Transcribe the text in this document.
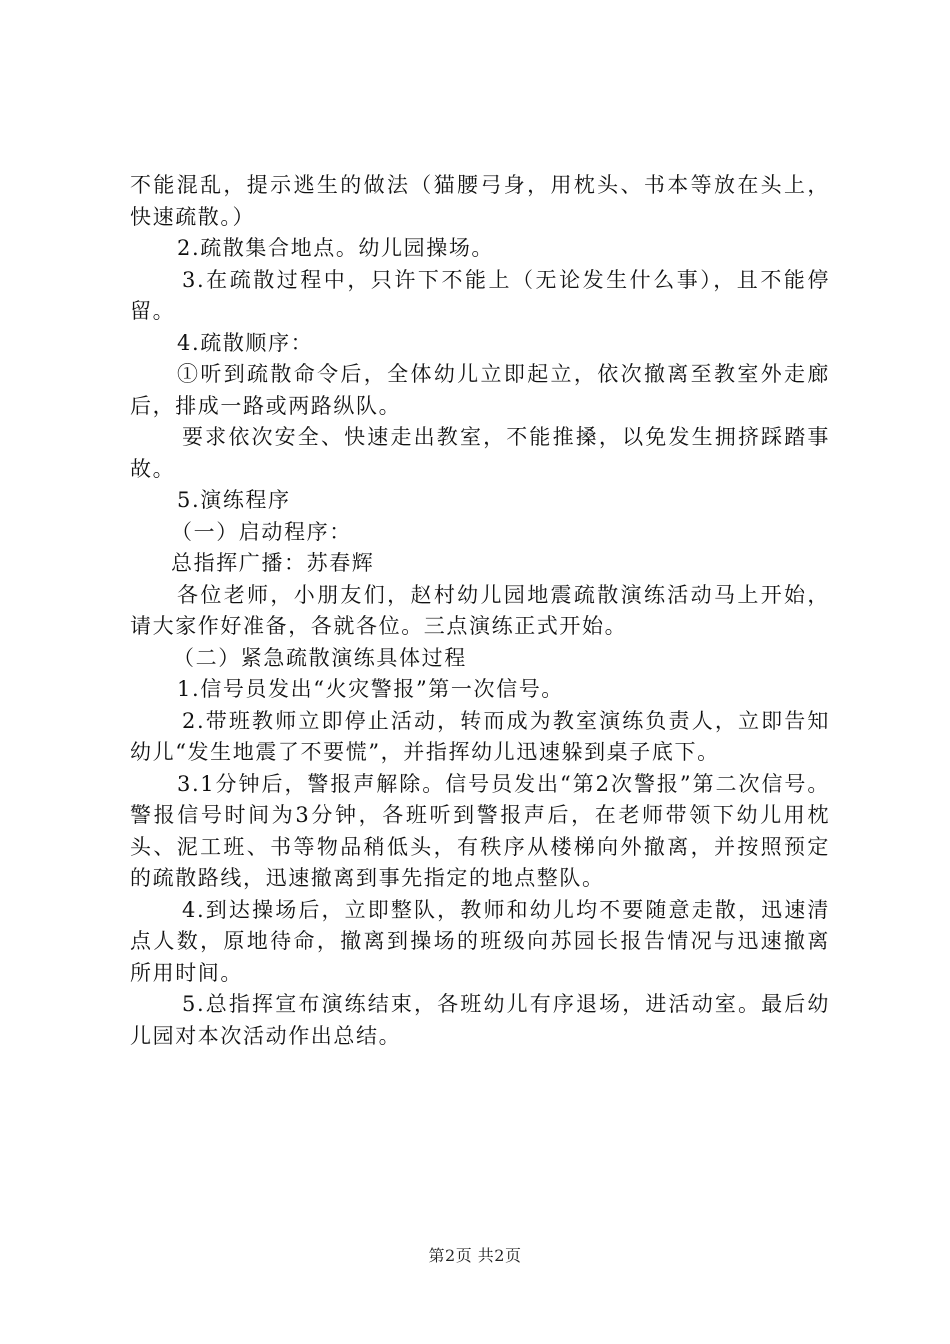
不能混乱，提示逃生的做法（猫腰弓身，用枕头、书本等放在头上，快速疏散。）

2.疏散集合地点。幼儿园操场。

3.在疏散过程中，只许下不能上（无论发生什么事），且不能停留。

4.疏散顺序：

①听到疏散命令后，全体幼儿立即起立，依次撤离至教室外走廊后，排成一路或两路纵队。

要求依次安全、快速走出教室，不能推搡，以免发生拥挤踩踏事故。

5.演练程序

（一）启动程序：

总指挥广播：苏春辉

各位老师，小朋友们，赵村幼儿园地震疏散演练活动马上开始，请大家作好准备，各就各位。三点演练正式开始。

（二）紧急疏散演练具体过程

1.信号员发出“火灾警报”第一次信号。

2.带班教师立即停止活动，转而成为教室演练负责人，立即告知幼儿“发生地震了不要慌”，并指挥幼儿迅速躲到桌子底下。

3.1分钟后，警报声解除。信号员发出“第2次警报”第二次信号。警报信号时间为3分钟，各班听到警报声后，在老师带领下幼儿用枕头、泥工班、书等物品稍低头，有秩序从楼梯向外撤离，并按照预定的疏散路线，迅速撤离到事先指定的地点整队。

4.到达操场后，立即整队，教师和幼儿均不要随意走散，迅速清点人数，原地待命，撤离到操场的班级向苏园长报告情况与迅速撤离所用时间。

5.总指挥宣布演练结束，各班幼儿有序退场，进活动室。最后幼儿园对本次活动作出总结。

第2页 共2页
